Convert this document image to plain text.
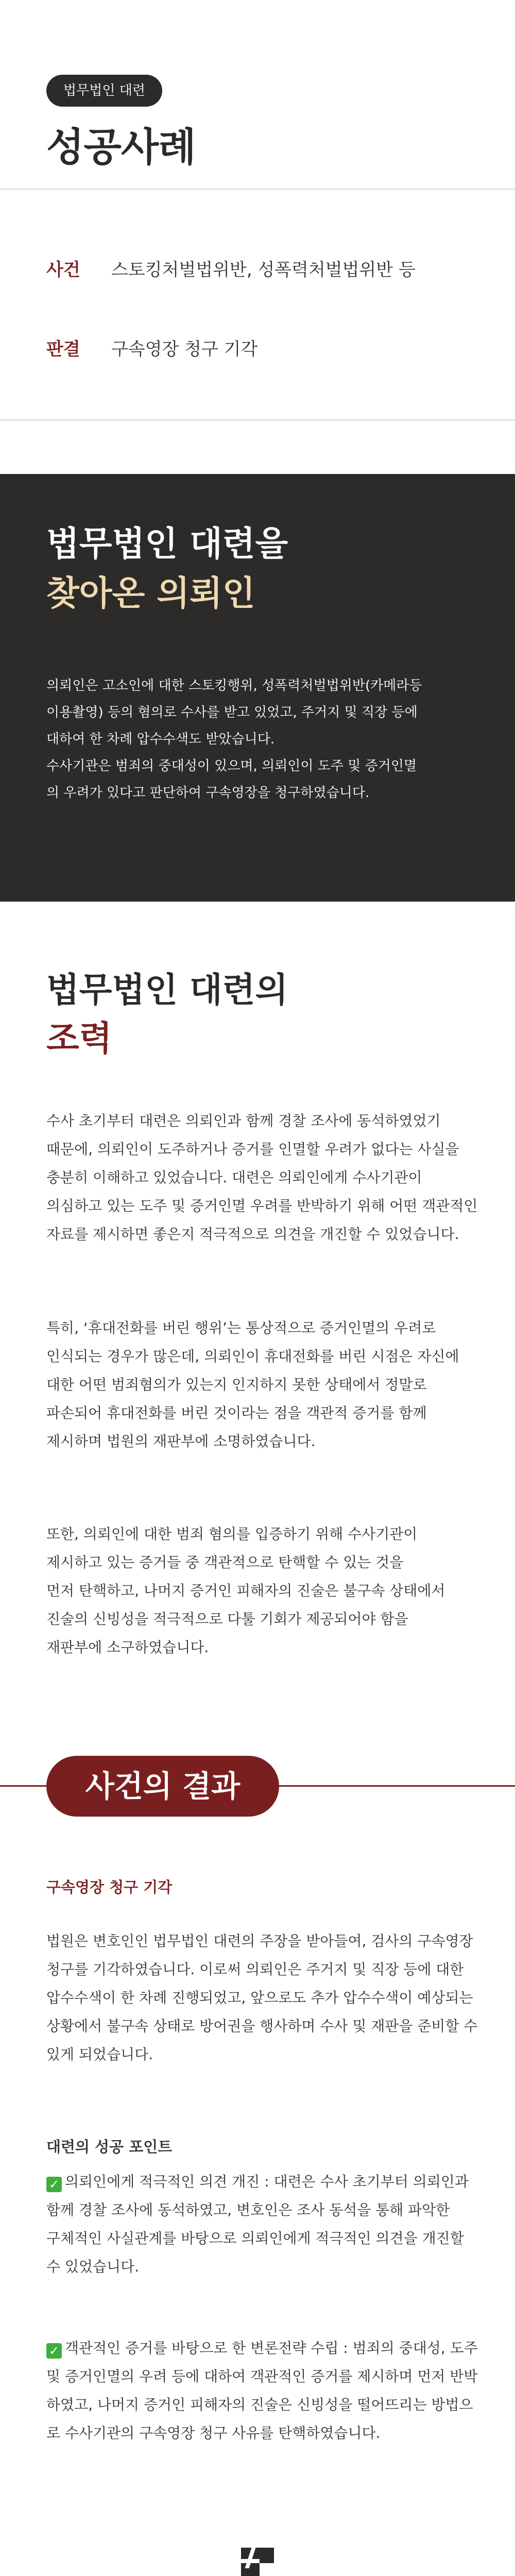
법무법인 대련
성공사례
사건	스토킹처벌법위반, 성폭력처벌법위반 등
판결	구속영장 청구 기각
법무법인 대련을
찾아온 의뢰인

의뢰인은 고소인에 대한 스토킹행위, 성폭력처벌법위반(카메라등

이용촬영) 등의 혐의로 수사를 받고 있었고, 주거지 및 직장 등에

대하여 한 차례 압수수색도 받았습니다.

수사기관은 범죄의 중대성이 있으며, 의뢰인이 도주 및 증거인멸

의 우려가 있다고 판단하여 구속영장을 청구하였습니다.

법무법인 대련의
조력

수사 초기부터 대련은 의뢰인과 함께 경찰 조사에 동석하였었기

때문에, 의뢰인이 도주하거나 증거를 인멸할 우려가 없다는 사실을

충분히 이해하고 있었습니다. 대련은 의뢰인에게 수사기관이

의심하고 있는 도주 및 증거인멸 우려를 반박하기 위해 어떤 객관적인

자료를 제시하면 좋은지 적극적으로 의견을 개진할 수 있었습니다.

특히, ‘휴대전화를 버린 행위’는 통상적으로 증거인멸의 우려로

인식되는 경우가 많은데, 의뢰인이 휴대전화를 버린 시점은 자신에

대한 어떤 범죄혐의가 있는지 인지하지 못한 상태에서 정말로

파손되어 휴대전화를 버린 것이라는 점을 객관적 증거를 함께

제시하며 법원의 재판부에 소명하였습니다.

또한, 의뢰인에 대한 범죄 혐의를 입증하기 위해 수사기관이

제시하고 있는 증거들 중 객관적으로 탄핵할 수 있는 것을

먼저 탄핵하고, 나머지 증거인 피해자의 진술은 불구속 상태에서

진술의 신빙성을 적극적으로 다툴 기회가 제공되어야 함을

재판부에 소구하였습니다.

사건의 결과
구속영장 청구 기각

법원은 변호인인 법무법인 대련의 주장을 받아들여, 검사의 구속영장

청구를 기각하였습니다. 이로써 의뢰인은 주거지 및 직장 등에 대한

압수수색이 한 차례 진행되었고, 앞으로도 추가 압수수색이 예상되는

상황에서 불구속 상태로 방어권을 행사하며 수사 및 재판을 준비할 수

있게 되었습니다.

대련의 성공 포인트

✓ 의뢰인에게 적극적인 의견 개진 : 대련은 수사 초기부터 의뢰인과

함께 경찰 조사에 동석하였고, 변호인은 조사 동석을 통해 파악한

구체적인 사실관계를 바탕으로 의뢰인에게 적극적인 의견을 개진할

수 있었습니다.

✓ 객관적인 증거를 바탕으로 한 변론전략 수립 : 범죄의 중대성, 도주

및 증거인멸의 우려 등에 대하여 객관적인 증거를 제시하며 먼저 반박

하였고, 나머지 증거인 피해자의 진술은 신빙성을 떨어뜨리는 방법으

로 수사기관의 구속영장 청구 사유를 탄핵하였습니다.
